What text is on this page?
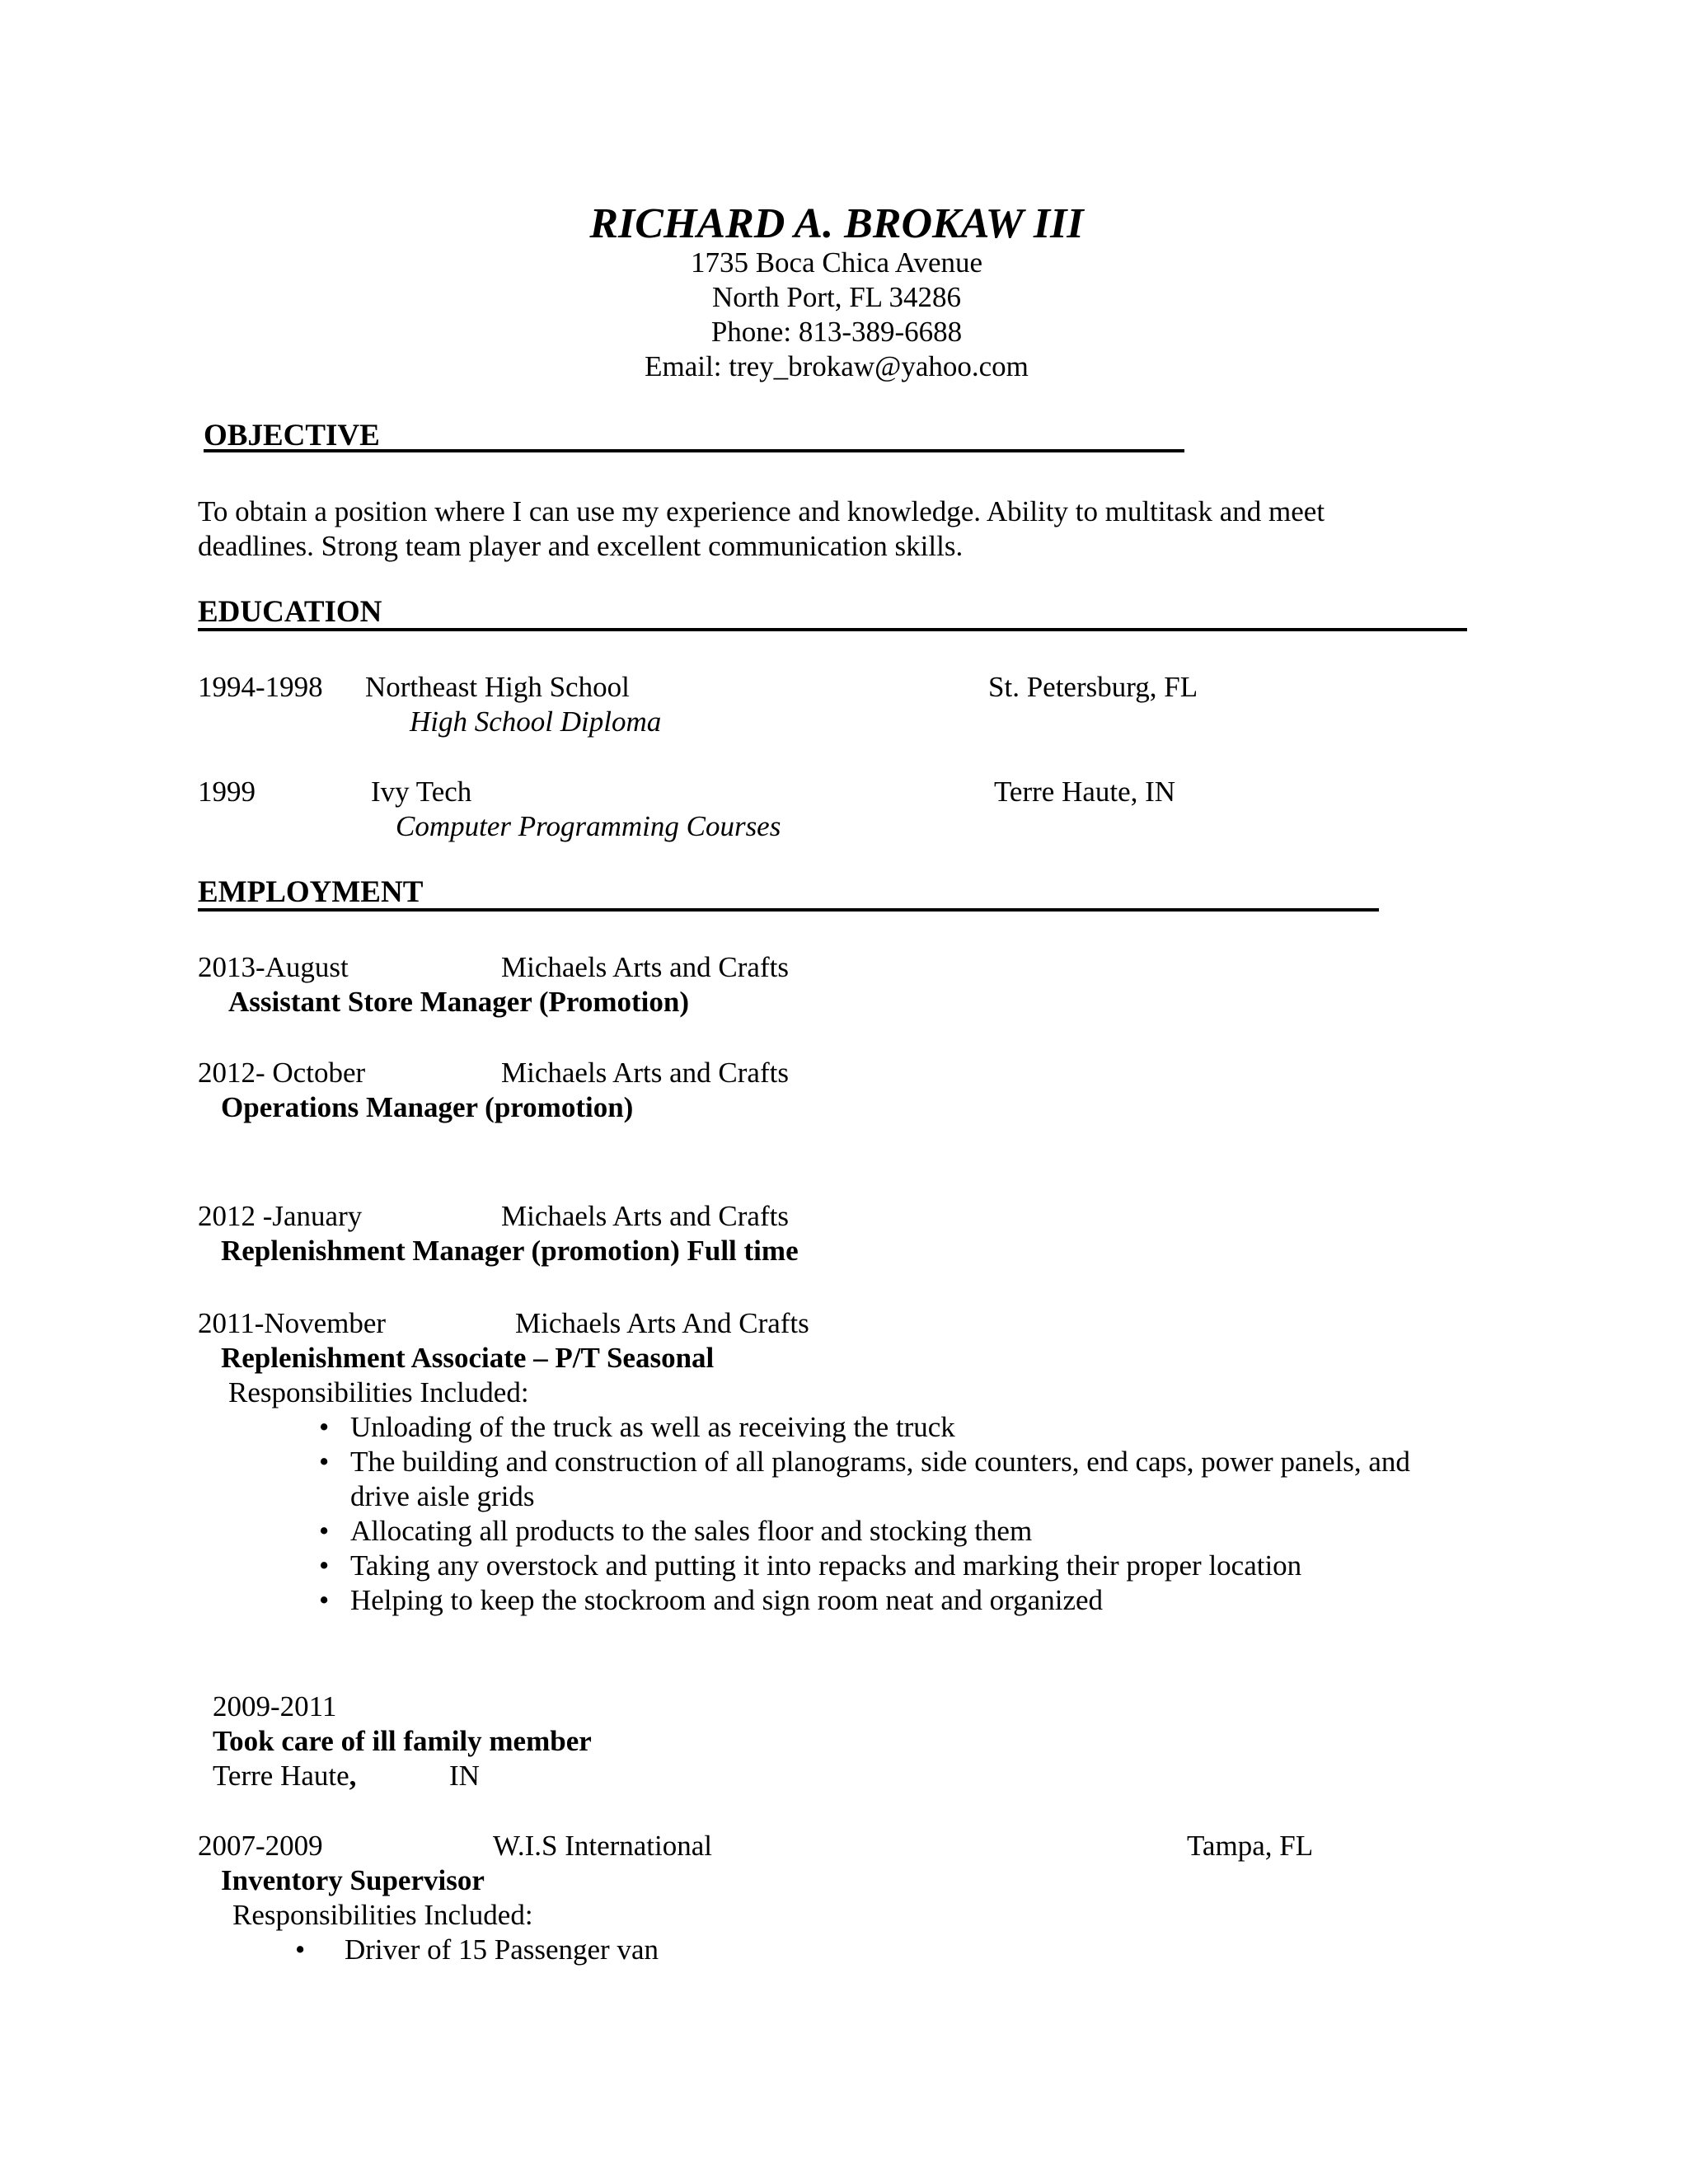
RICHARD A. BROKAW III
1735 Boca Chica Avenue
North Port, FL 34286
Phone: 813-389-6688
Email: trey_brokaw@yahoo.com
OBJECTIVE
To obtain a position where I can use my experience and knowledge. Ability to multitask and meet
deadlines. Strong team player and excellent communication skills.
EDUCATION
1994-1998 Northeast High School	St. Petersburg, FL
High School Diploma
1999	Ivy Tech	Terre Haute, IN
Computer Programming Courses
EMPLOYMENT
2013-August	Michaels Arts and Crafts
Assistant Store Manager (Promotion)
2012- October	Michaels Arts and Crafts
Operations Manager (promotion)
2012 -January	Michaels Arts and Crafts
Replenishment Manager (promotion) Full time
2011-November	Michaels Arts And Crafts
Replenishment Associate – P/T Seasonal
Responsibilities Included:
• Unloading of the truck as well as receiving the truck
• The building and construction of all planograms, side counters, end caps, power panels, and drive aisle grids
• Allocating all products to the sales floor and stocking them
• Taking any overstock and putting it into repacks and marking their proper location
• Helping to keep the stockroom and sign room neat and organized
2009-2011
Took care of ill family member
Terre Haute,	IN
2007-2009	W.I.S International	Tampa, FL
Inventory Supervisor
Responsibilities Included:
• Driver of 15 Passenger van
